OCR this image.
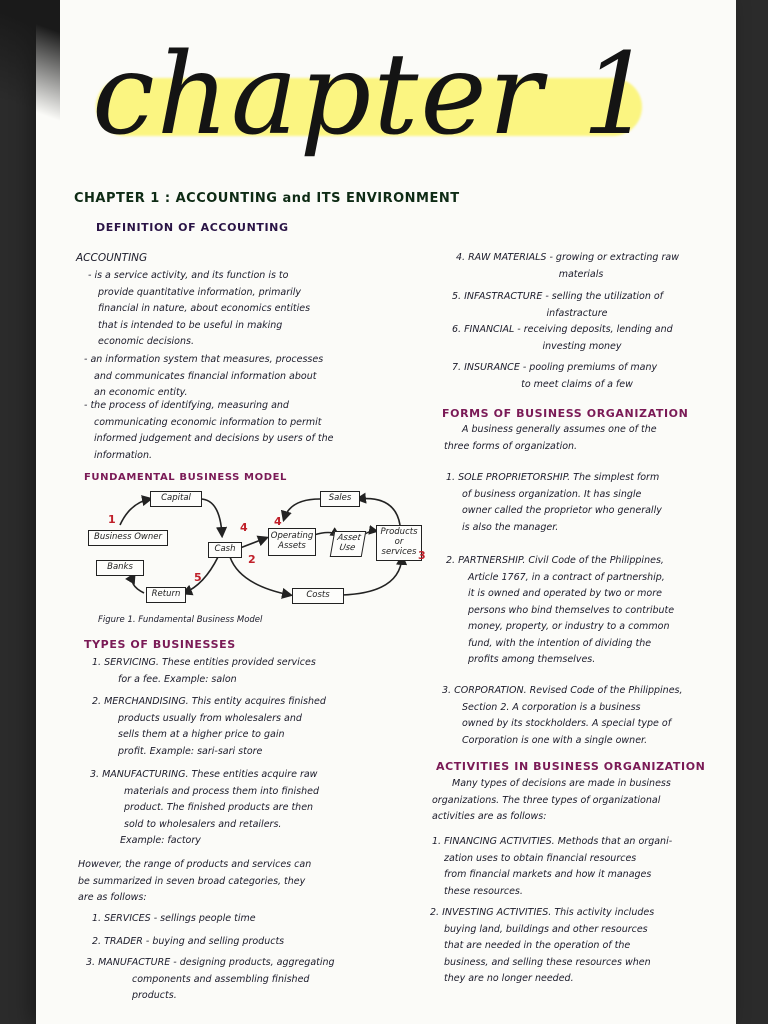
chapter 1
CHAPTER 1 : ACCOUNTING and ITS ENVIRONMENT
DEFINITION OF ACCOUNTING
ACCOUNTING
- is a service activity, and its function is to
provide quantitative information, primarily
financial in nature, about economics entities
that is intended to be useful in making
economic decisions.
- an information system that measures, processes
and communicates financial information about
an economic entity.
- the process of identifying, measuring and
communicating economic information to permit
informed judgement and decisions by users of the
information.
FUNDAMENTAL BUSINESS MODEL
Capital
Business Owner
Cash
Operating Assets
Asset Use
Products or services
Sales
Banks
Return	Costs
1
2	3
4 4
5
Figure 1. Fundamental Business Model
TYPES OF BUSINESSES
1. SERVICING. These entities provided services
for a fee. Example: salon
2. MERCHANDISING. This entity acquires finished
products usually from wholesalers and
sells them at a higher price to gain
profit. Example: sari-sari store
3. MANUFACTURING. These entities acquire raw
materials and process them into finished
product. The finished products are then
sold to wholesalers and retailers.
Example: factory
However, the range of products and services can
be summarized in seven broad categories, they
are as follows:
1. SERVICES - sellings people time
2. TRADER - buying and selling products
3. MANUFACTURE - designing products, aggregating
components and assembling finished
products.
4. RAW MATERIALS - growing or extracting raw
materials
5. INFASTRACTURE - selling the utilization of
infastracture
6. FINANCIAL - receiving deposits, lending and
investing money
7. INSURANCE - pooling premiums of many
to meet claims of a few
FORMS OF BUSINESS ORGANIZATION
A business generally assumes one of the
three forms of organization.
1. SOLE PROPRIETORSHIP. The simplest form
of business organization. It has single
owner called the proprietor who generally
is also the manager.
2. PARTNERSHIP. Civil Code of the Philippines,
Article 1767, in a contract of partnership,
it is owned and operated by two or more
persons who bind themselves to contribute
money, property, or industry to a common
fund, with the intention of dividing the
profits among themselves.
3. CORPORATION. Revised Code of the Philippines,
Section 2. A corporation is a business
owned by its stockholders. A special type of
Corporation is one with a single owner.
ACTIVITIES IN BUSINESS ORGANIZATION
Many types of decisions are made in business
organizations. The three types of organizational
activities are as follows:
1. FINANCING ACTIVITIES. Methods that an organi-
zation uses to obtain financial resources
from financial markets and how it manages
these resources.
2. INVESTING ACTIVITIES. This activity includes
buying land, buildings and other resources
that are needed in the operation of the
business, and selling these resources when
they are no longer needed.
